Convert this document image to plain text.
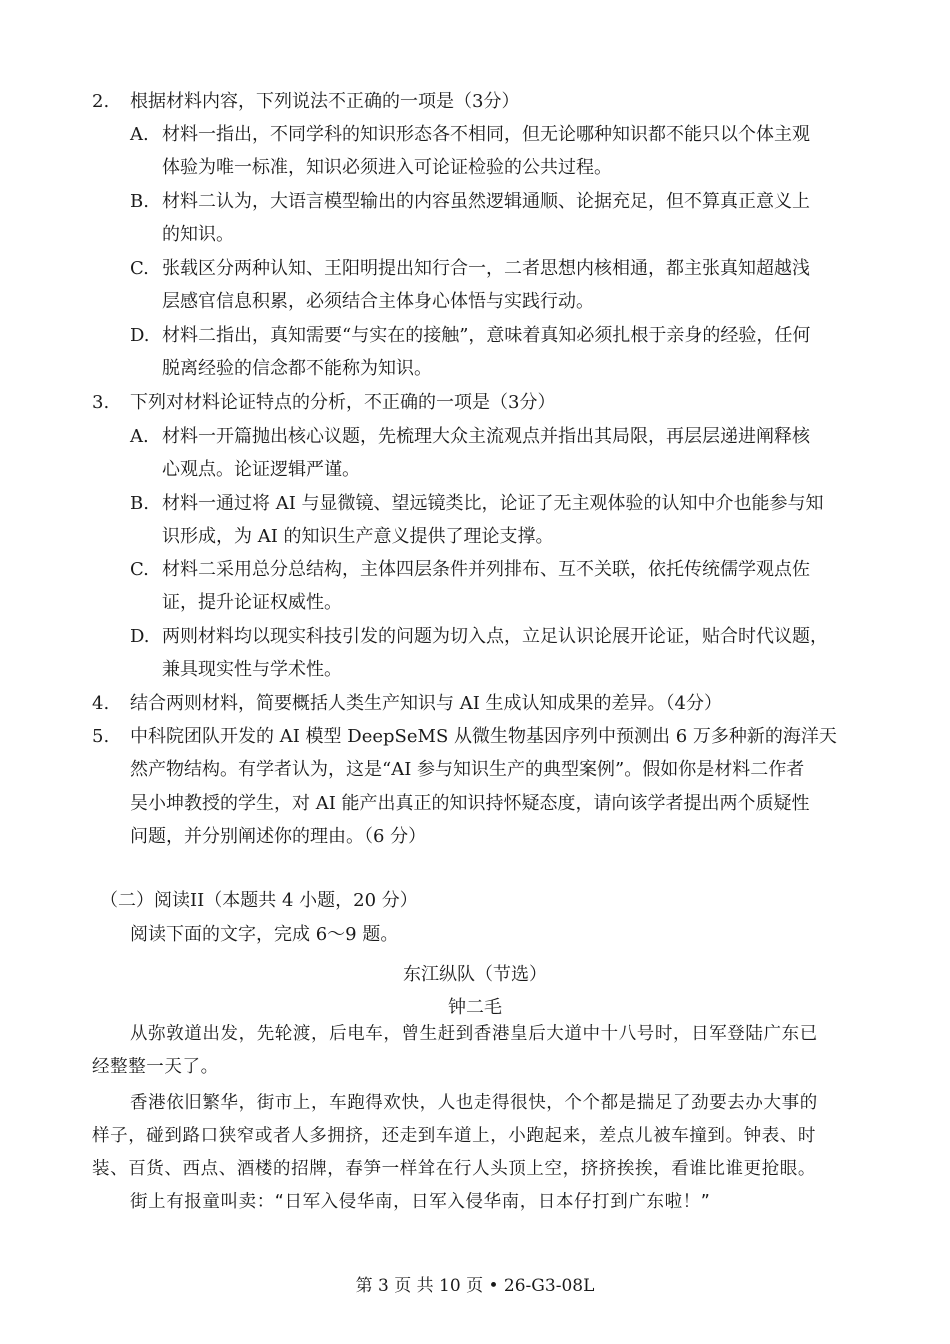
2.	根据材料内容，下列说法不正确的一项是（3分）
A. 材料一指出，不同学科的知识形态各不相同，但无论哪种知识都不能只以个体主观
体验为唯一标准，知识必须进入可论证检验的公共过程。
B. 材料二认为，大语言模型输出的内容虽然逻辑通顺、论据充足，但不算真正意义上
的知识。
C. 张载区分两种认知、王阳明提出知行合一，二者思想内核相通，都主张真知超越浅
层感官信息积累，必须结合主体身心体悟与实践行动。
D. 材料二指出，真知需要“与实在的接触”，意味着真知必须扎根于亲身的经验，任何
脱离经验的信念都不能称为知识。
3.	下列对材料论证特点的分析，不正确的一项是（3分）
A. 材料一开篇抛出核心议题，先梳理大众主流观点并指出其局限，再层层递进阐释核
心观点。论证逻辑严谨。
B. 材料一通过将 AI 与显微镜、望远镜类比，论证了无主观体验的认知中介也能参与知
识形成，为 AI 的知识生产意义提供了理论支撑。
C. 材料二采用总分总结构，主体四层条件并列排布、互不关联，依托传统儒学观点佐
证，提升论证权威性。
D. 两则材料均以现实科技引发的问题为切入点，立足认识论展开论证，贴合时代议题，
兼具现实性与学术性。
4.	结合两则材料，简要概括人类生产知识与 AI 生成认知成果的差异。（4分）
5.	中科院团队开发的 AI 模型 DeepSeMS 从微生物基因序列中预测出 6 万多种新的海洋天
然产物结构。有学者认为，这是“AI 参与知识生产的典型案例”。假如你是材料二作者
吴小坤教授的学生，对 AI 能产出真正的知识持怀疑态度，请向该学者提出两个质疑性
问题，并分别阐述你的理由。（6 分）
（二）阅读II（本题共 4 小题，20 分）
阅读下面的文字，完成 6～9 题。
东江纵队（节选）
钟二毛
从弥敦道出发，先轮渡，后电车，曾生赶到香港皇后大道中十八号时，日军登陆广东已
经整整一天了。
香港依旧繁华，街市上，车跑得欢快，人也走得很快，个个都是揣足了劲要去办大事的
样子，碰到路口狭窄或者人多拥挤，还走到车道上，小跑起来，差点儿被车撞到。钟表、时
装、百货、西点、酒楼的招牌，春笋一样耸在行人头顶上空，挤挤挨挨，看谁比谁更抢眼。
街上有报童叫卖：“日军入侵华南，日军入侵华南，日本仔打到广东啦！”
第 3 页 共 10 页 • 26-G3-08L
